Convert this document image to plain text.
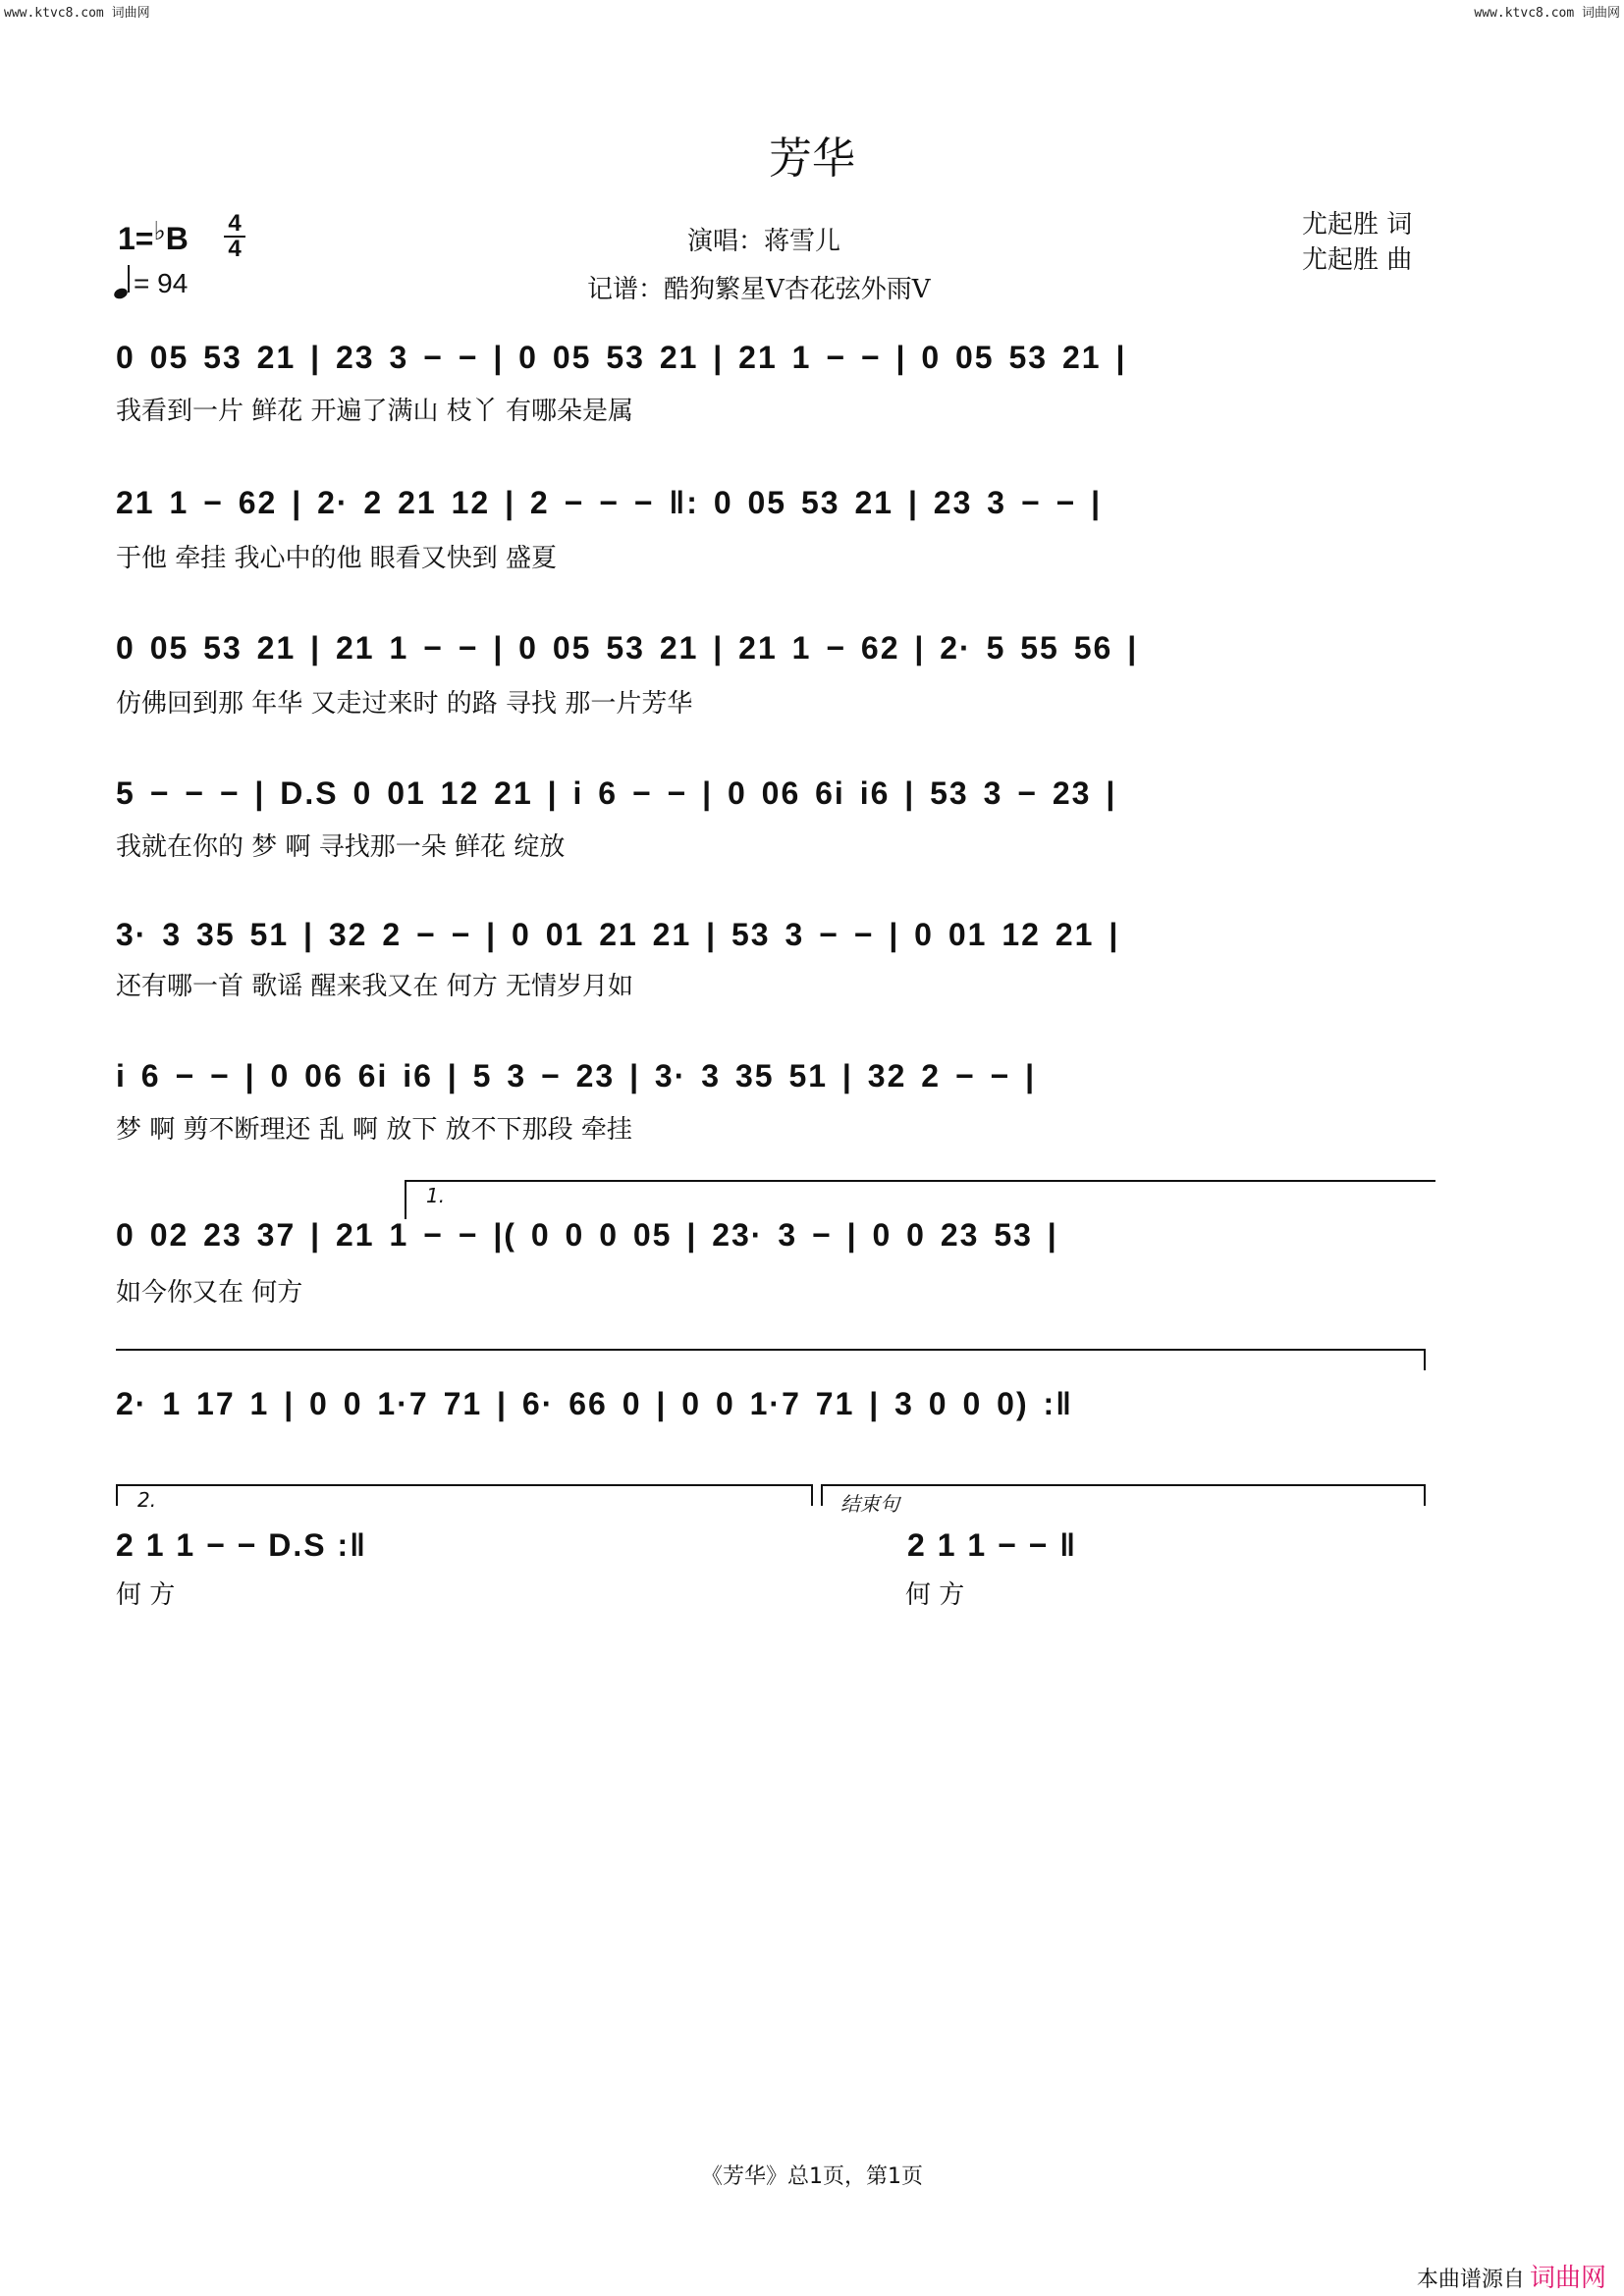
www.ktvc8.com 词曲网	www.ktvc8.com 词曲网
芳华
1=♭B 4
4
= 94
演唱：蒋雪儿
记谱：酷狗繁星V杏花弦外雨V
尤起胜 词
尤起胜 曲
0 05 53 21 | 23 3 − − | 0 05 53 21 | 21 1 − − | 0 05 53 21 |
我看到一片 鲜花 开遍了满山 枝丫 有哪朵是属
21 1 − 62 | 2· 2 21 12 | 2 − − − ‖: 0 05 53 21 | 23 3 − − |
于他 牵挂 我心中的他 眼看又快到 盛夏
0 05 53 21 | 21 1 − − | 0 05 53 21 | 21 1 − 62 | 2· 5 55 56 |
仿佛回到那 年华 又走过来时 的路 寻找 那一片芳华
5 − − − | D.S 0 01 12 21 | i 6 − − | 0 06 6i i6 | 53 3 − 23 |
我就在你的 梦 啊 寻找那一朵 鲜花 绽放
3· 3 35 51 | 32 2 − − | 0 01 21 21 | 53 3 − − | 0 01 12 21 |
还有哪一首 歌谣 醒来我又在 何方 无情岁月如
i 6 − − | 0 06 6i i6 | 5 3 − 23 | 3· 3 35 51 | 32 2 − − |
梦 啊 剪不断理还 乱 啊 放下 放不下那段 牵挂
1.
0 02 23 37 | 21 1 − − |( 0 0 0 05 | 23· 3 − | 0 0 23 53 |
如今你又在 何方
2· 1 17 1 | 0 0 1·7 71 | 6· 66 0 | 0 0 1·7 71 | 3 0 0 0) :‖
2.	结束句
2 1 1 − − D.S :‖
何 方
2 1 1 − − ‖
何 方
《芳华》总1页，第1页
本曲谱源自 词曲网
